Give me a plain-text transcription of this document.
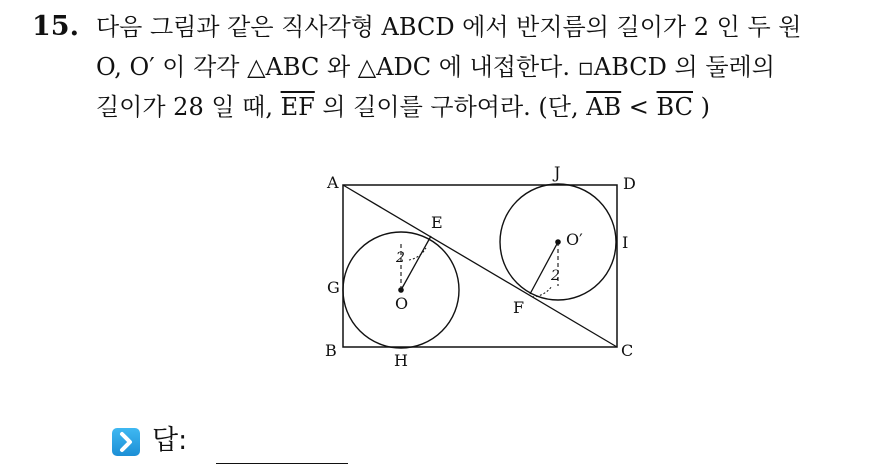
15. 다음 그림과 같은 직사각형 ABCD 에서 반지름의 길이가 2 인 두 원
O, O′ 이 각각 △ABC 와 △ADC 에 내접한다. ▫ABCD 의 둘레의
길이가 28 일 때, $\overline{EF}$ 의 길이를 구하여라. (단, $\overline{AB} < \overline{BC}$ )
A
B	C
D
E
F
G
H
I
J
O
O′
2
2
답:
